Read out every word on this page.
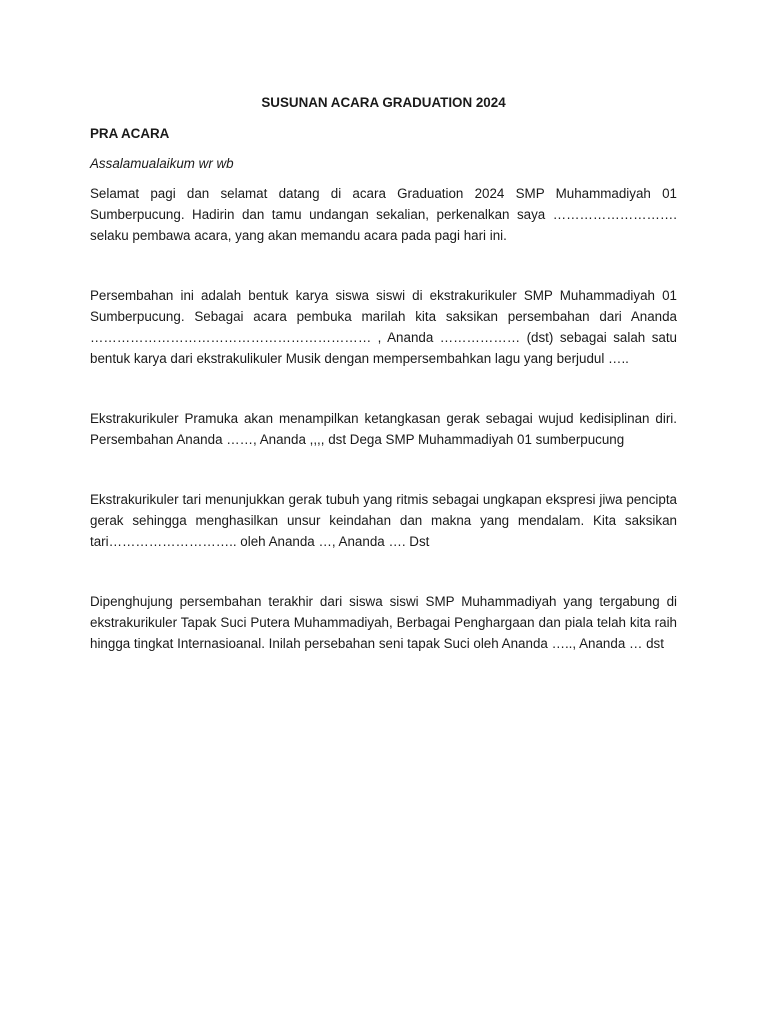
SUSUNAN ACARA GRADUATION 2024
PRA ACARA
Assalamualaikum wr wb

Selamat pagi dan selamat datang di acara Graduation 2024 SMP Muhammadiyah 01 Sumberpucung. Hadirin dan tamu undangan sekalian, perkenalkan saya ………………………. selaku pembawa acara, yang akan memandu acara pada pagi hari ini.

Persembahan ini adalah bentuk karya siswa siswi di ekstrakurikuler SMP Muhammadiyah 01 Sumberpucung. Sebagai acara pembuka marilah kita saksikan persembahan dari Ananda ……………………………………………………… , Ananda ……………… (dst) sebagai salah satu bentuk karya dari ekstrakulikuler Musik dengan mempersembahkan lagu yang berjudul …..

Ekstrakurikuler Pramuka akan menampilkan ketangkasan gerak sebagai wujud kedisiplinan diri. Persembahan Ananda ……, Ananda ,,,, dst Dega SMP Muhammadiyah 01 sumberpucung

Ekstrakurikuler tari menunjukkan gerak tubuh yang ritmis sebagai ungkapan ekspresi jiwa pencipta gerak sehingga menghasilkan unsur keindahan dan makna yang mendalam. Kita saksikan tari……………………….. oleh Ananda …, Ananda …. Dst

Dipenghujung persembahan terakhir dari siswa siswi SMP Muhammadiyah yang tergabung di ekstrakurikuler Tapak Suci Putera Muhammadiyah, Berbagai Penghargaan dan piala telah kita raih hingga tingkat Internasioanal. Inilah persebahan seni tapak Suci oleh Ananda ….., Ananda … dst
